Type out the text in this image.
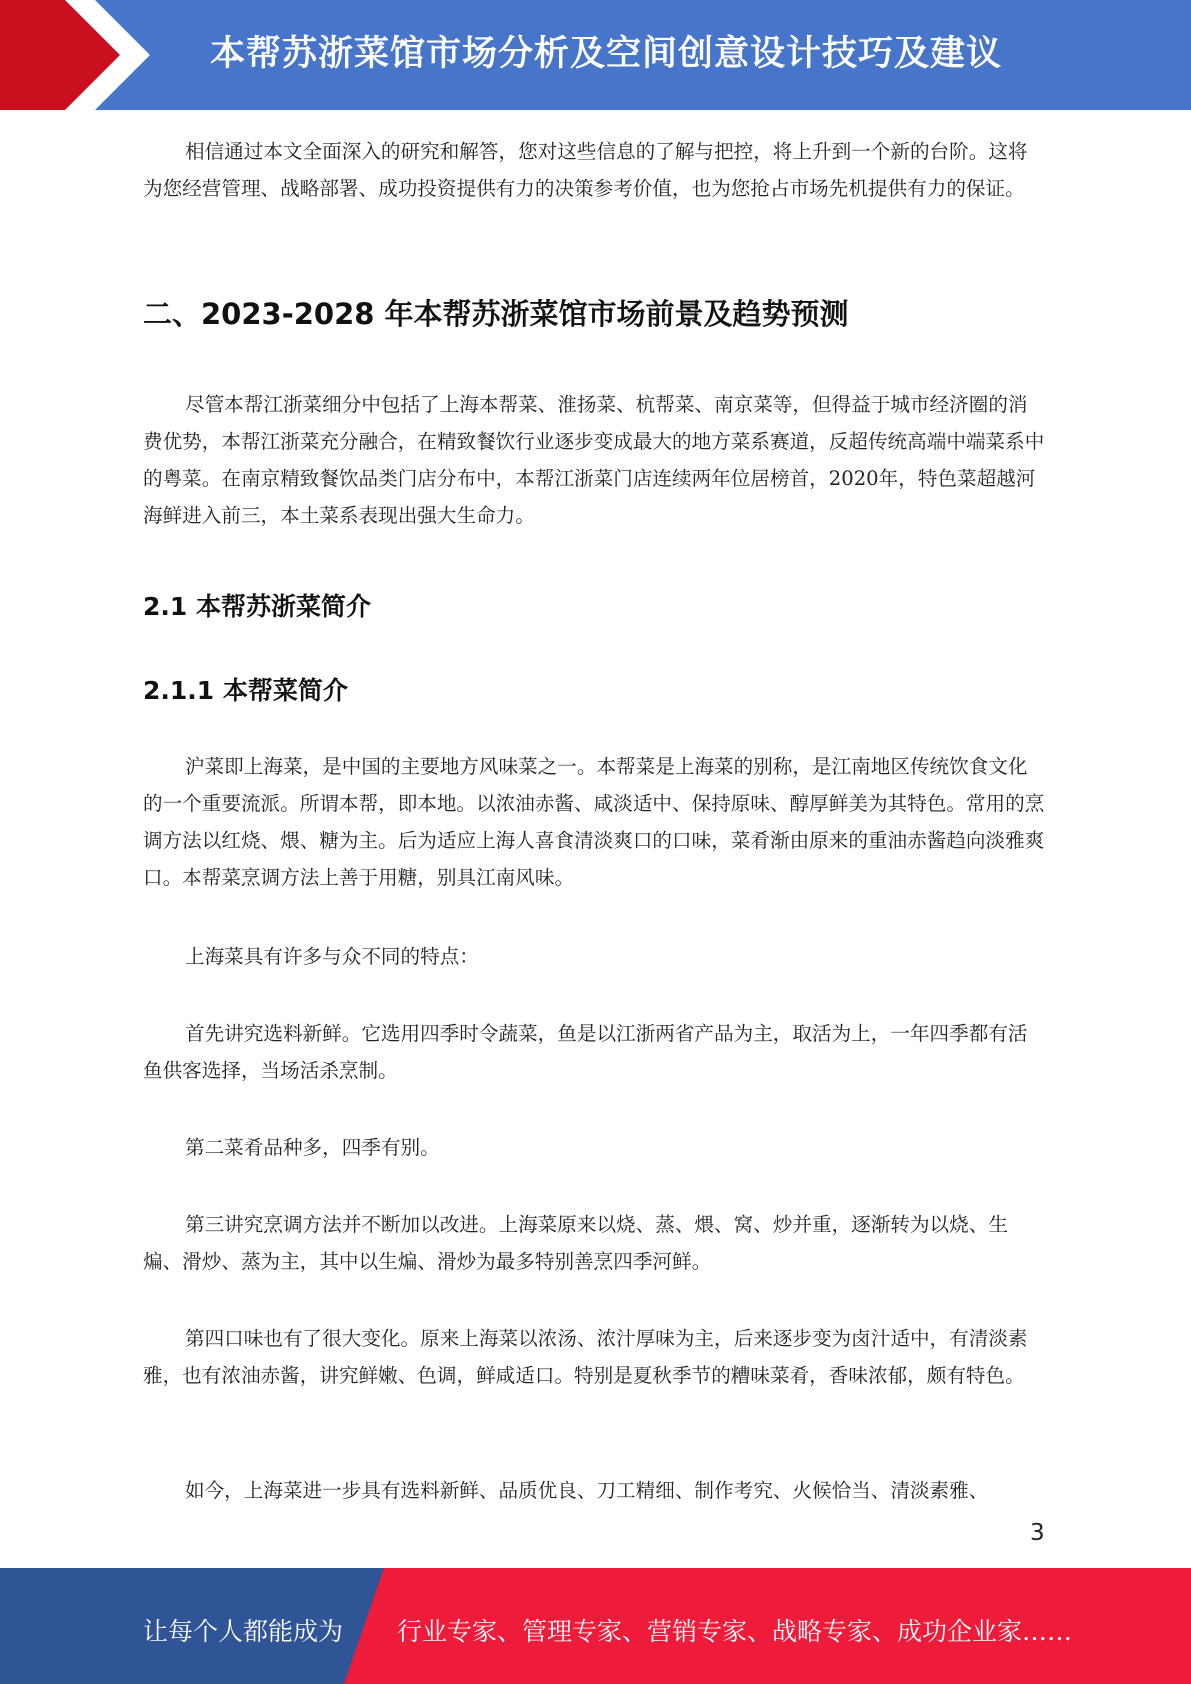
本帮苏浙菜馆市场分析及空间创意设计技巧及建议

相信通过本文全面深入的研究和解答，您对这些信息的了解与把控，将上升到一个新的台阶。这将为您经营管理、战略部署、成功投资提供有力的决策参考价值，也为您抢占市场先机提供有力的保证。

二、2023-2028 年本帮苏浙菜馆市场前景及趋势预测

尽管本帮江浙菜细分中包括了上海本帮菜、淮扬菜、杭帮菜、南京菜等，但得益于城市经济圈的消费优势，本帮江浙菜充分融合，在精致餐饮行业逐步变成最大的地方菜系赛道，反超传统高端中端菜系中的粤菜。在南京精致餐饮品类门店分布中，本帮江浙菜门店连续两年位居榜首，2020年，特色菜超越河海鲜进入前三，本土菜系表现出强大生命力。

2.1 本帮苏浙菜简介
2.1.1 本帮菜简介

沪菜即上海菜，是中国的主要地方风味菜之一。本帮菜是上海菜的别称，是江南地区传统饮食文化的一个重要流派。所谓本帮，即本地。以浓油赤酱、咸淡适中、保持原味、醇厚鲜美为其特色。常用的烹调方法以红烧、煨、糖为主。后为适应上海人喜食清淡爽口的口味，菜肴渐由原来的重油赤酱趋向淡雅爽口。本帮菜烹调方法上善于用糖，别具江南风味。

上海菜具有许多与众不同的特点：

首先讲究选料新鲜。它选用四季时令蔬菜，鱼是以江浙两省产品为主，取活为上，一年四季都有活鱼供客选择，当场活杀烹制。

第二菜肴品种多，四季有别。

第三讲究烹调方法并不断加以改进。上海菜原来以烧、蒸、煨、窝、炒并重，逐渐转为以烧、生煸、滑炒、蒸为主，其中以生煸、滑炒为最多特别善烹四季河鲜。

第四口味也有了很大变化。原来上海菜以浓汤、浓汁厚味为主，后来逐步变为卤汁适中，有清淡素雅，也有浓油赤酱，讲究鲜嫩、色调，鲜咸适口。特别是夏秋季节的糟味菜肴，香味浓郁，颇有特色。

如今，上海菜进一步具有选料新鲜、品质优良、刀工精细、制作考究、火候恰当、清淡素雅、

3
让每个人都能成为 行业专家、管理专家、营销专家、战略专家、成功企业家……
